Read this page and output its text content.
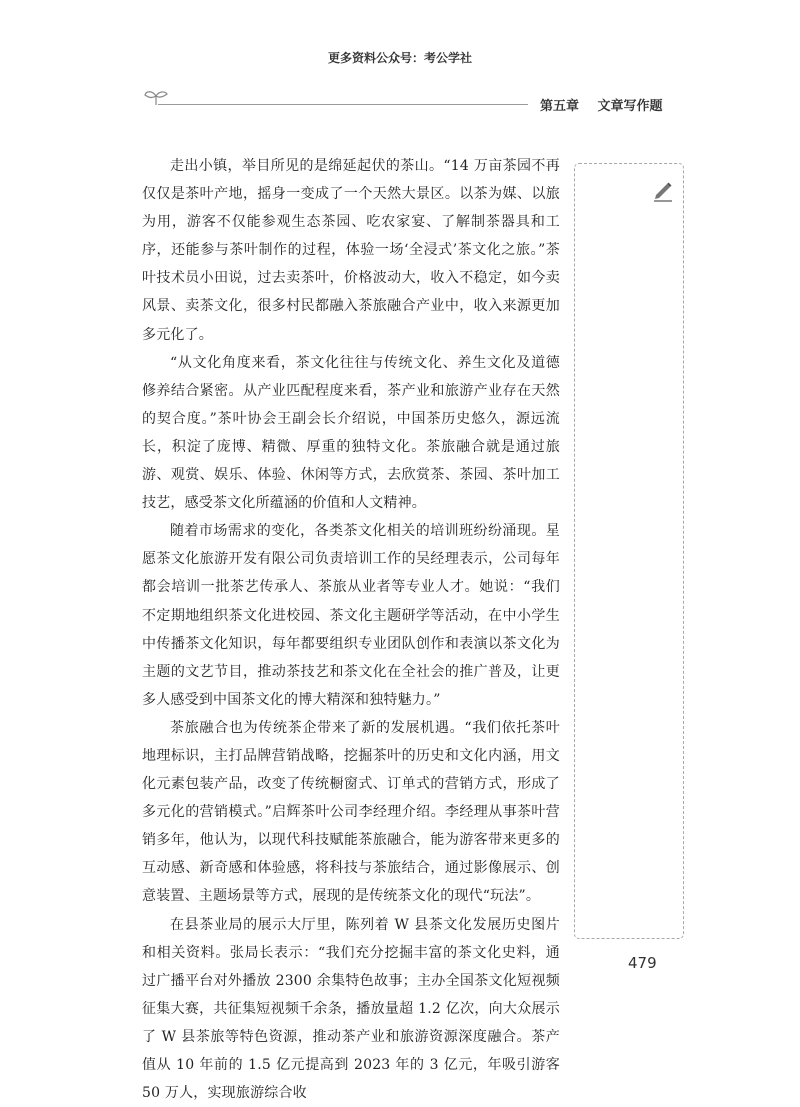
更多资料公众号：考公学社
第五章 文章写作题

走出小镇，举目所见的是绵延起伏的茶山。“14 万亩茶园不再仅仅是茶叶产地，摇身一变成了一个天然大景区。以茶为媒、以旅为用，游客不仅能参观生态茶园、吃农家宴、了解制茶器具和工序，还能参与茶叶制作的过程，体验一场‘全浸式’茶文化之旅。”茶叶技术员小田说，过去卖茶叶，价格波动大，收入不稳定，如今卖风景、卖茶文化，很多村民都融入茶旅融合产业中，收入来源更加多元化了。

“从文化角度来看，茶文化往往与传统文化、养生文化及道德修养结合紧密。从产业匹配程度来看，茶产业和旅游产业存在天然的契合度。”茶叶协会王副会长介绍说，中国茶历史悠久，源远流长，积淀了庞博、精微、厚重的独特文化。茶旅融合就是通过旅游、观赏、娱乐、体验、休闲等方式，去欣赏茶、茶园、茶叶加工技艺，感受茶文化所蕴涵的价值和人文精神。

随着市场需求的变化，各类茶文化相关的培训班纷纷涌现。星愿茶文化旅游开发有限公司负责培训工作的吴经理表示，公司每年都会培训一批茶艺传承人、茶旅从业者等专业人才。她说：“我们不定期地组织茶文化进校园、茶文化主题研学等活动，在中小学生中传播茶文化知识，每年都要组织专业团队创作和表演以茶文化为主题的文艺节目，推动茶技艺和茶文化在全社会的推广普及，让更多人感受到中国茶文化的博大精深和独特魅力。”

茶旅融合也为传统茶企带来了新的发展机遇。“我们依托茶叶地理标识，主打品牌营销战略，挖掘茶叶的历史和文化内涵，用文化元素包装产品，改变了传统橱窗式、订单式的营销方式，形成了多元化的营销模式。”启辉茶叶公司李经理介绍。李经理从事茶叶营销多年，他认为，以现代科技赋能茶旅融合，能为游客带来更多的互动感、新奇感和体验感，将科技与茶旅结合，通过影像展示、创意装置、主题场景等方式，展现的是传统茶文化的现代“玩法”。

在县茶业局的展示大厅里，陈列着 W 县茶文化发展历史图片和相关资料。张局长表示：“我们充分挖掘丰富的茶文化史料，通过广播平台对外播放 2300 余集特色故事；主办全国茶文化短视频征集大赛，共征集短视频千余条，播放量超 1.2 亿次，向大众展示了 W 县茶旅等特色资源，推动茶产业和旅游资源深度融合。茶产值从 10 年前的 1.5 亿元提高到 2023 年的 3 亿元，年吸引游客 50 万人，实现旅游综合收

479
